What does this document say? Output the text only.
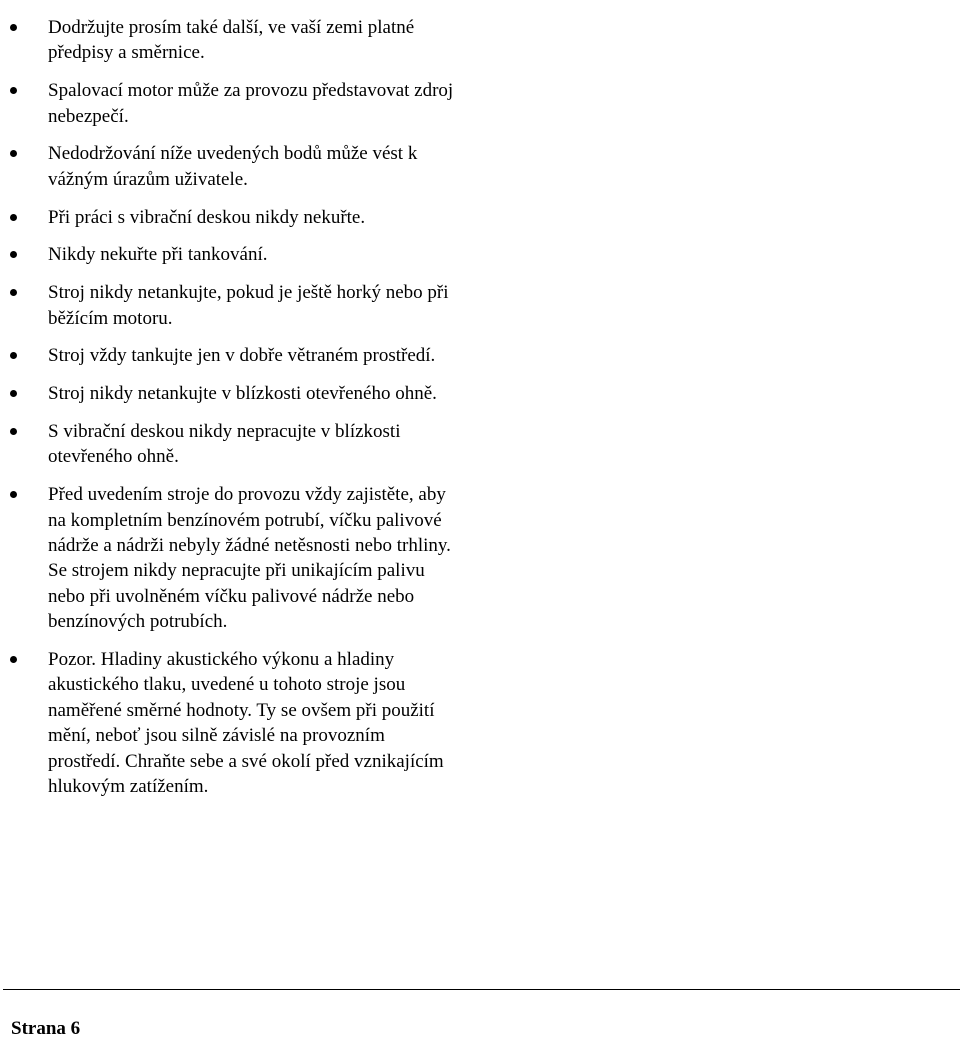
Dodržujte prosím také další, ve vaší zemi platné předpisy a směrnice.
Spalovací motor může za provozu představovat zdroj nebezpečí.
Nedodržování níže uvedených bodů může vést k vážným úrazům uživatele.
Při práci s vibrační deskou nikdy nekuřte.
Nikdy nekuřte při tankování.
Stroj nikdy netankujte, pokud je ještě horký nebo při běžícím motoru.
Stroj vždy tankujte jen v dobře větraném prostředí.
Stroj nikdy netankujte v blízkosti otevřeného ohně.
S vibrační deskou nikdy nepracujte v blízkosti otevřeného ohně.
Před uvedením stroje do provozu vždy zajistěte, aby na kompletním benzínovém potrubí, víčku palivové nádrže a nádrži nebyly žádné netěsnosti nebo trhliny. Se strojem nikdy nepracujte při unikajícím palivu nebo při uvolněném víčku palivové nádrže nebo benzínových potrubích.
Pozor. Hladiny akustického výkonu a hladiny akustického tlaku, uvedené u tohoto stroje jsou naměřené směrné hodnoty. Ty se ovšem při použití mění, neboť jsou silně závislé na provozním prostředí. Chraňte sebe a své okolí před vznikajícím hlukovým zatížením.
Strana 6
